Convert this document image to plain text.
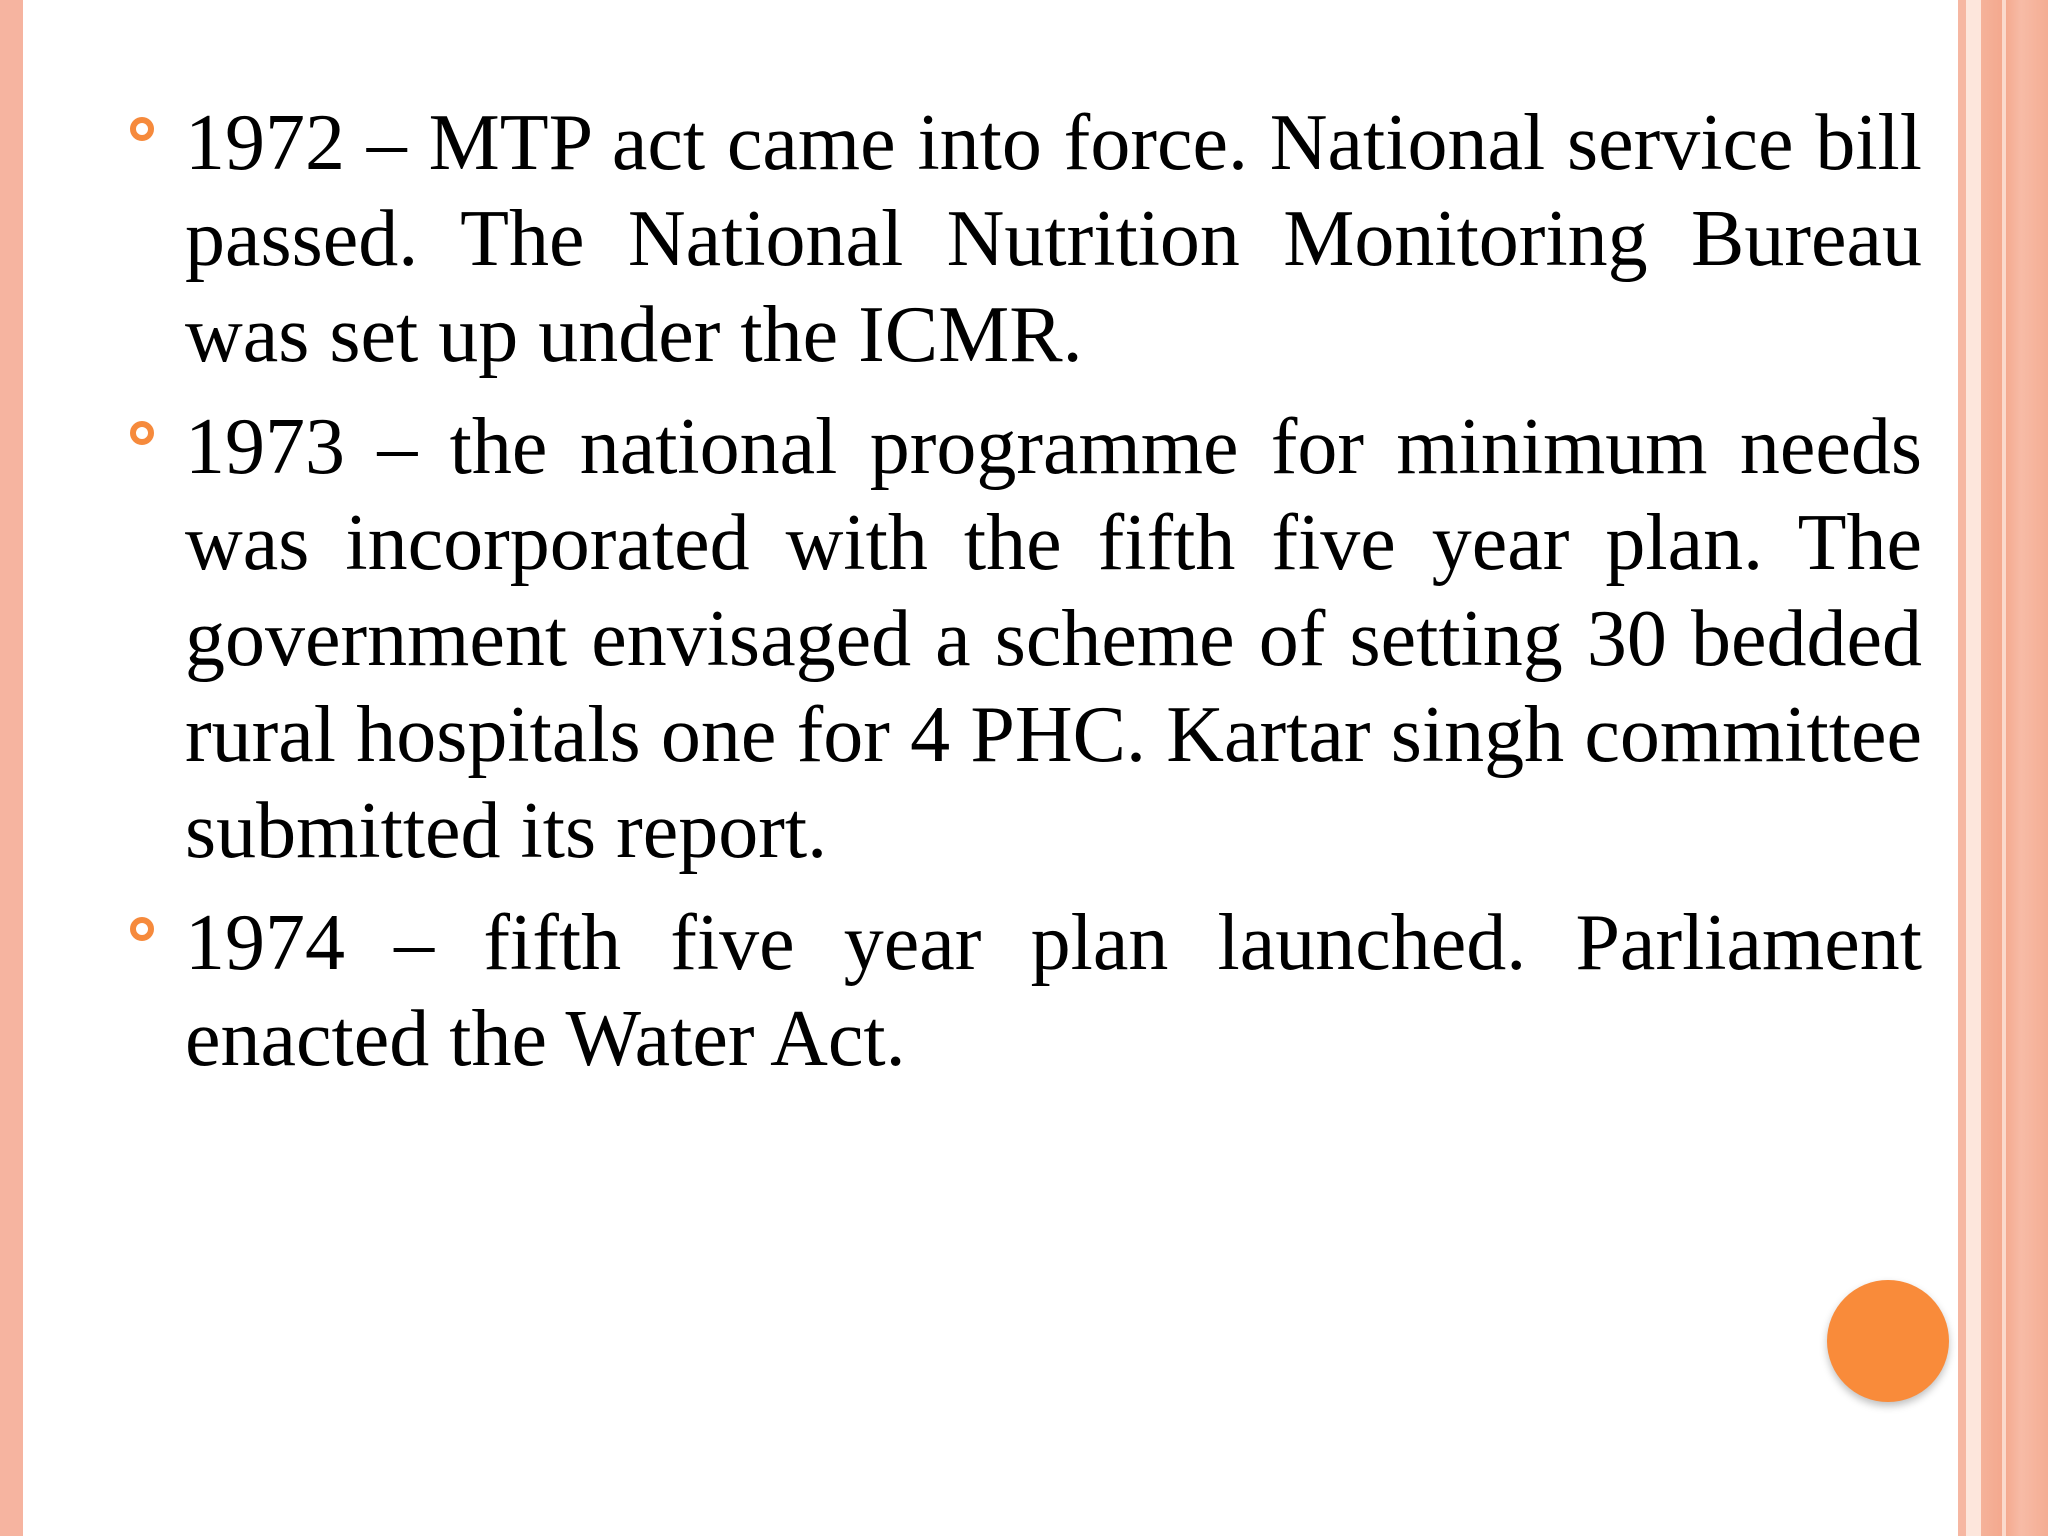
1972 – MTP act came into force. National service bill passed. The National Nutrition Monitoring Bureau was set up under the ICMR.

1973 – the national programme for minimum needs was incorporated with the fifth five year plan. The government envisaged a scheme of setting 30 bedded rural hospitals one for 4 PHC. Kartar singh committee submitted its report.

1974 – fifth five year plan launched. Parliament enacted the Water Act.
